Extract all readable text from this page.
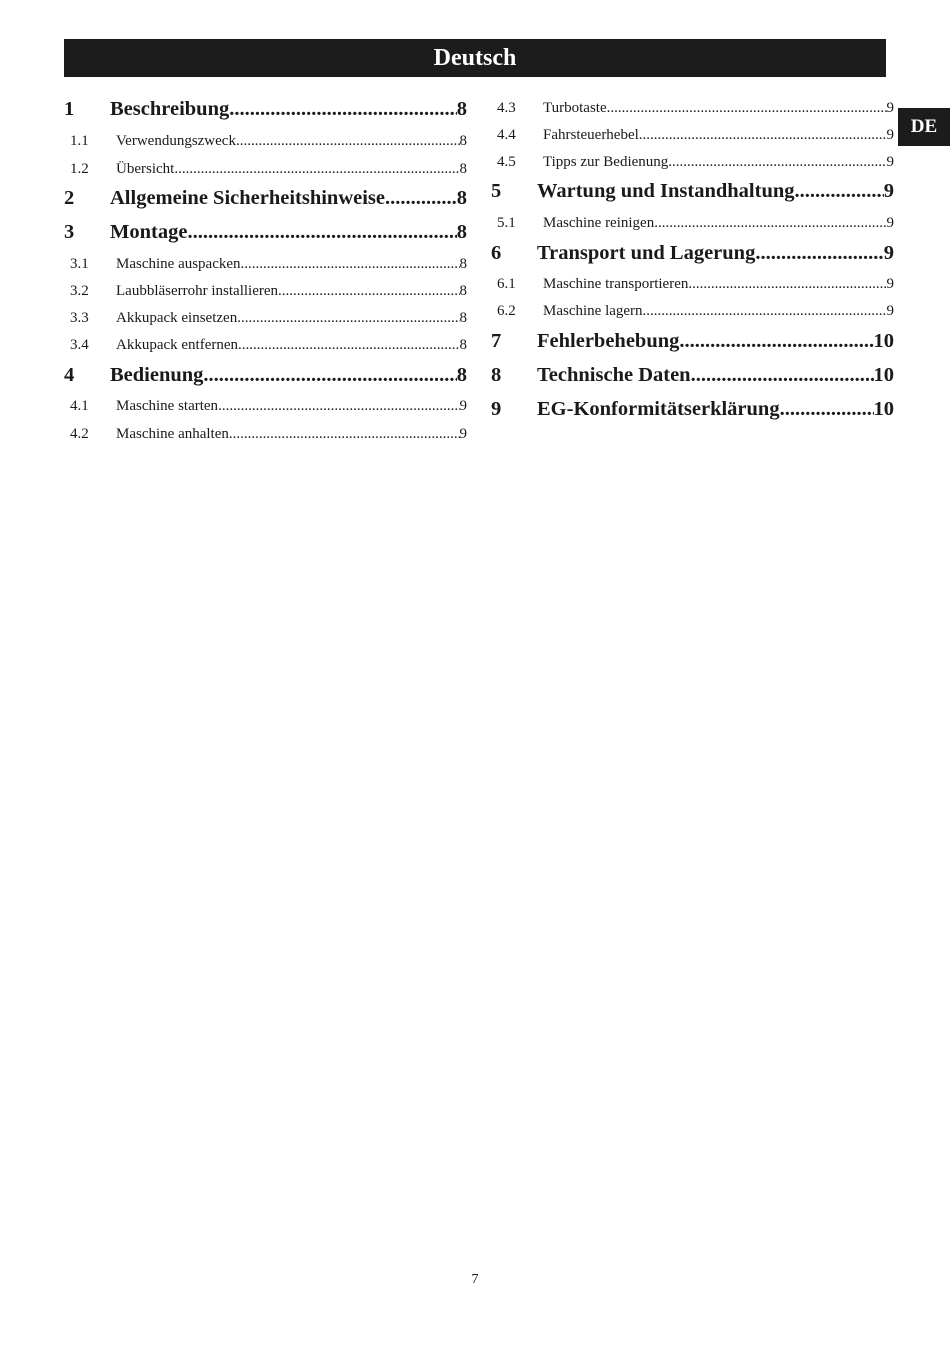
Deutsch
DE
1	Beschreibung .....	8
1.1	Verwendungszweck .....	8
1.2	Übersicht .....	8
2	Allgemeine Sicherheitshinweise .....	8
3	Montage .....	8
3.1	Maschine auspacken .....	8
3.2	Laubbläserrohr installieren .....	8
3.3	Akkupack einsetzen .....	8
3.4	Akkupack entfernen .....	8
4	Bedienung .....	8
4.1	Maschine starten .....	9
4.2	Maschine anhalten .....	9
4.3	Turbotaste .....	9
4.4	Fahrsteuerhebel .....	9
4.5	Tipps zur Bedienung .....	9
5	Wartung und Instandhaltung .....	9
5.1	Maschine reinigen .....	9
6	Transport und Lagerung .....	9
6.1	Maschine transportieren .....	9
6.2	Maschine lagern .....	9
7	Fehlerbehebung .....	10
8	Technische Daten .....	10
9	EG-Konformitätserklärung .....	10
7
